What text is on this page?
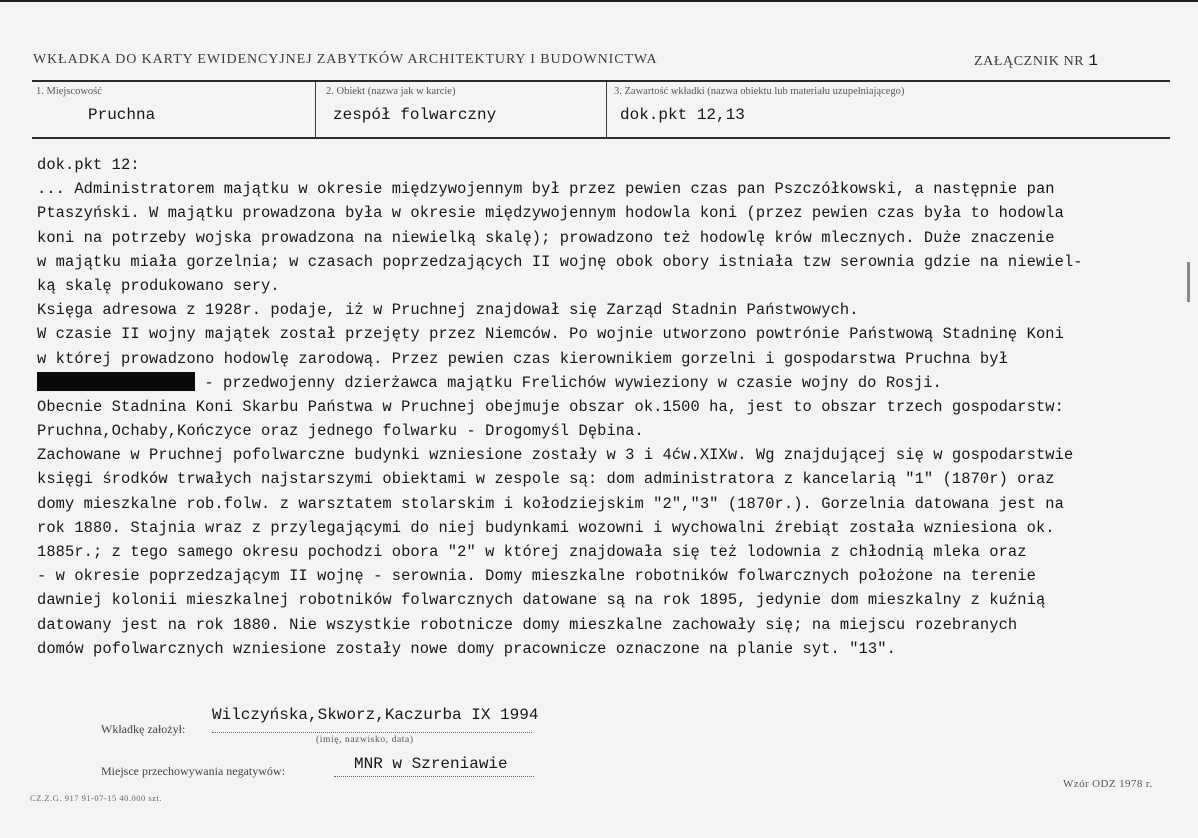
WKŁADKA DO KARTY EWIDENCYJNEJ ZABYTKÓW ARCHITEKTURY I BUDOWNICTWA	ZAŁĄCZNIK NR 1
1. Miejscowość
Pruchna
2. Obiekt (nazwa jak w karcie)
zespół folwarczny
3. Zawartość wkładki (nazwa obiektu lub materiału uzupełniającego)
dok.pkt 12,13
dok.pkt 12:
... Administratorem majątku w okresie międzywojennym był przez pewien czas pan Pszczółkowski, a następnie pan
Ptaszyński. W majątku prowadzona była w okresie międzywojennym hodowla koni (przez pewien czas była to hodowla
koni na potrzeby wojska prowadzona na niewielką skalę); prowadzono też hodowlę krów mlecznych. Duże znaczenie
w majątku miała gorzelnia; w czasach poprzedzających II wojnę obok obory istniała tzw serownia gdzie na niewiel-
ką skalę produkowano sery.
Księga adresowa z 1928r. podaje, iż w Pruchnej znajdował się Zarząd Stadnin Państwowych.
W czasie II wojny majątek został przejęty przez Niemców. Po wojnie utworzono powtrónie Państwową Stadninę Koni
w której prowadzono hodowlę zarodową. Przez pewien czas kierownikiem gorzelni i gospodarstwa Pruchna był
- przedwojenny dzierżawca majątku Frelichów wywieziony w czasie wojny do Rosji.
Obecnie Stadnina Koni Skarbu Państwa w Pruchnej obejmuje obszar ok.1500 ha, jest to obszar trzech gospodarstw:
Pruchna,Ochaby,Kończyce oraz jednego folwarku - Drogomyśl Dębina.
Zachowane w Pruchnej pofolwarczne budynki wzniesione zostały w 3 i 4ćw.XIXw. Wg znajdującej się w gospodarstwie
księgi środków trwałych najstarszymi obiektami w zespole są: dom administratora z kancelarią "1" (1870r) oraz
domy mieszkalne rob.folw. z warsztatem stolarskim i kołodziejskim "2","3" (1870r.). Gorzelnia datowana jest na
rok 1880. Stajnia wraz z przylegającymi do niej budynkami wozowni i wychowalni źrebiąt została wzniesiona ok.
1885r.; z tego samego okresu pochodzi obora "2" w której znajdowała się też lodownia z chłodnią mleka oraz
- w okresie poprzedzającym II wojnę - serownia. Domy mieszkalne robotników folwarcznych położone na terenie
dawniej kolonii mieszkalnej robotników folwarcznych datowane są na rok 1895, jedynie dom mieszkalny z kuźnią
datowany jest na rok 1880. Nie wszystkie robotnicze domy mieszkalne zachowały się; na miejscu rozebranych
domów pofolwarcznych wzniesione zostały nowe domy pracownicze oznaczone na planie syt. "13".
Wkładkę założył:
Wilczyńska,Skworz,Kaczurba IX 1994
(imię, nazwisko, data)
Miejsce przechowywania negatywów:	MNR w Szreniawie
CZ.Z.G. 917 91-07-15 40.000 szt.
Wzór ODZ 1978 r.
